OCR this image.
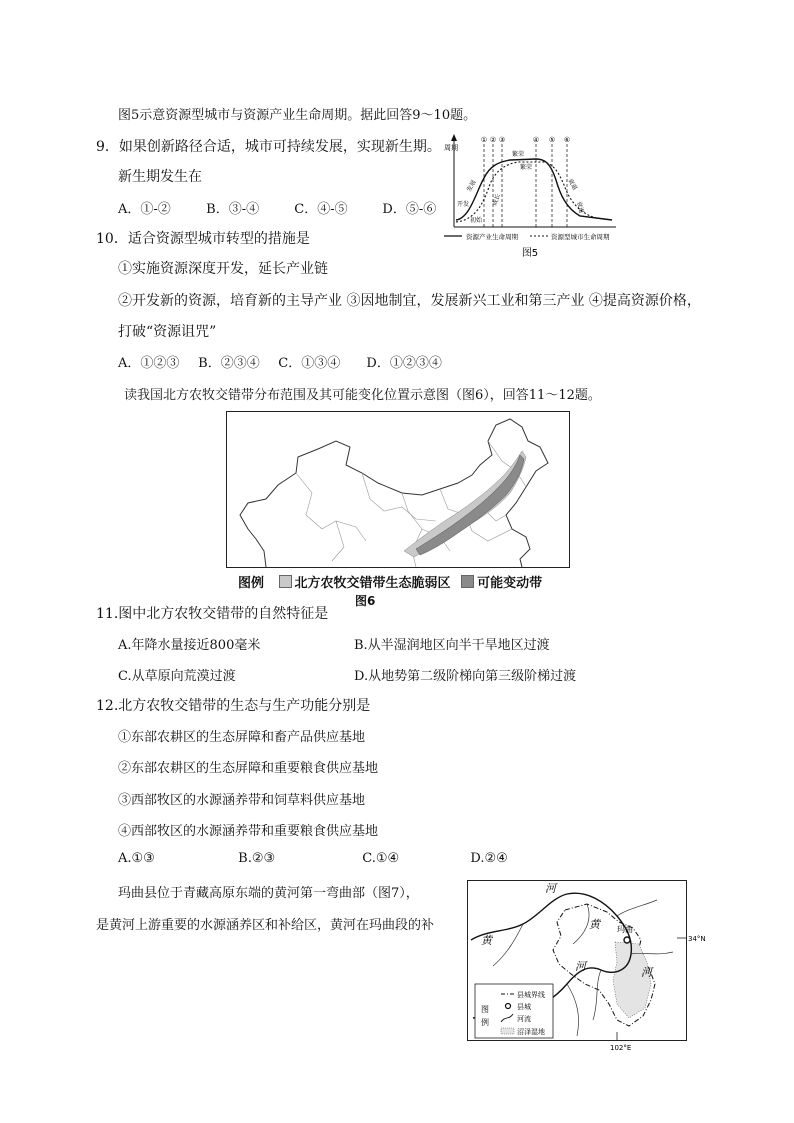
图5示意资源型城市与资源产业生命周期。据此回答9～10题。
9．如果创新路径合适，城市可持续发展，实现新生期。
新生期发生在
A．①-②	B．③-④	C．④-⑤	D．⑤-⑥
周期
① ② ③	④ ⑤ ⑥
开发
初始
发展
成长
繁荣
繁荣
衰退
衰退
资源产业生命周期	资源型城市生命周期
图5
10．适合资源型城市转型的措施是
①实施资源深度开发，延长产业链
②开发新的资源，培育新的主导产业 ③因地制宜，发展新兴工业和第三产业 ④提高资源价格，
打破“资源诅咒”
A．①②③ B．②③④ C．①③④ D．①②③④
读我国北方农牧交错带分布范围及其可能变化位置示意图（图6），回答11～12题。
图例 北方农牧交错带生态脆弱区 可能变动带
图6
11.图中北方农牧交错带的自然特征是
A.年降水量接近800毫米	B.从半湿润地区向半干旱地区过渡
C.从草原向荒漠过渡	D.从地势第二级阶梯向第三级阶梯过渡
12.北方农牧交错带的生态与生产功能分别是
①东部农耕区的生态屏障和畜产品供应基地
②东部农耕区的生态屏障和重要粮食供应基地
③西部牧区的水源涵养带和饲草料供应基地
④西部牧区的水源涵养带和重要粮食供应基地
A.①③	B.②③	C.①④	D.②④
玛曲县位于青藏高原东端的黄河第一弯曲部（图7），
是黄河上游重要的水源涵养区和补给区，黄河在玛曲段的补
34°N
102°E
玛曲
河
黄
黄
河	河
图
例
县城界线
县城
河流
沼泽湿地
